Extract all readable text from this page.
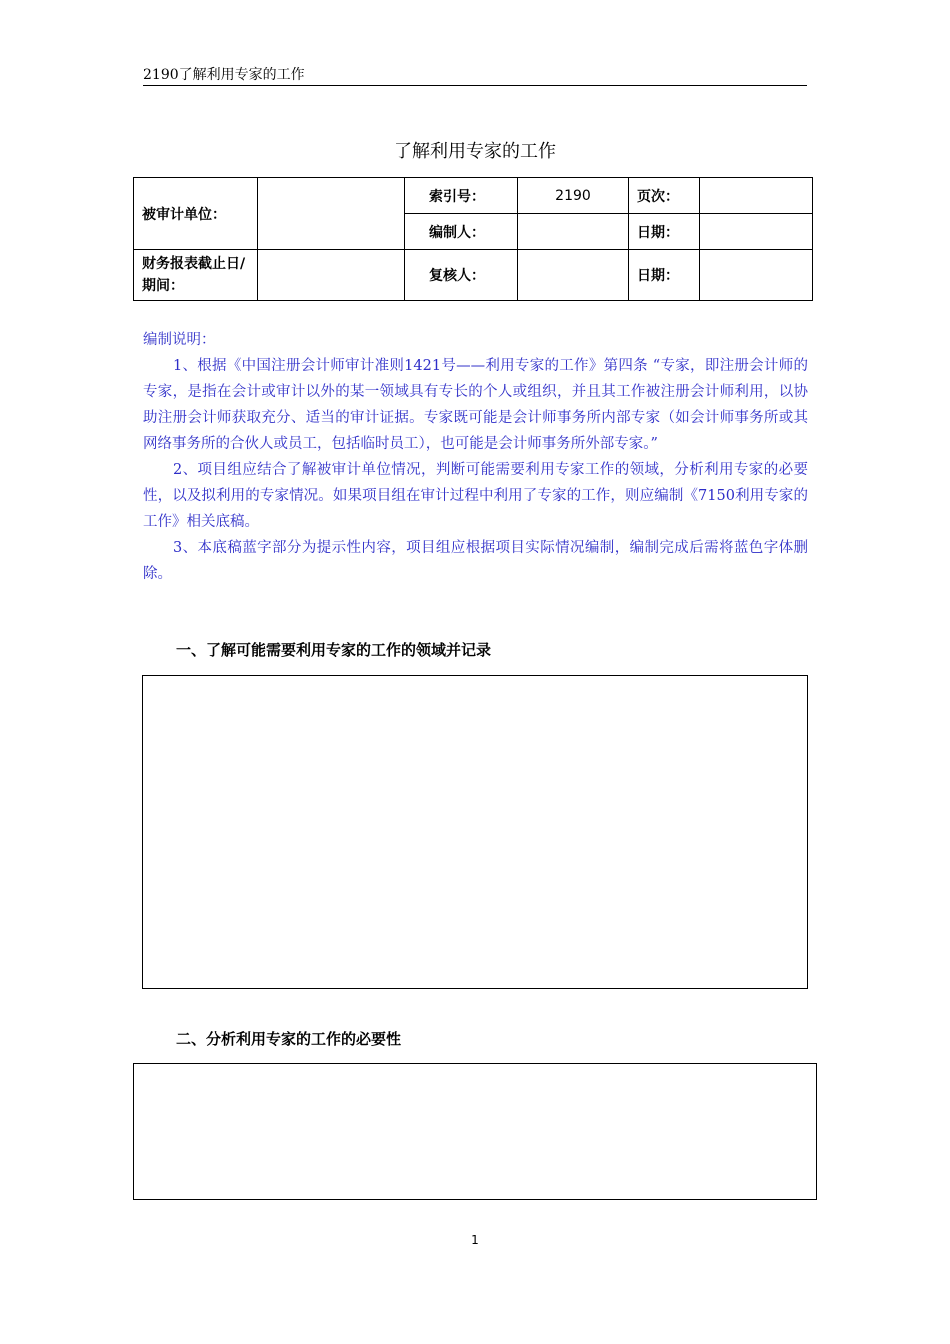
2190了解利用专家的工作
了解利用专家的工作
被审计单位：		索引号：	2190	页次：	
		编制人：		日期：	
财务报表截止日/期间：		复核人：		日期：	

编制说明：

1、根据《中国注册会计师审计准则1421号——利用专家的工作》第四条 “专家，即注册会计师的专家，是指在会计或审计以外的某一领域具有专长的个人或组织，并且其工作被注册会计师利用，以协助注册会计师获取充分、适当的审计证据。专家既可能是会计师事务所内部专家（如会计师事务所或其网络事务所的合伙人或员工，包括临时员工），也可能是会计师事务所外部专家。”

2、项目组应结合了解被审计单位情况，判断可能需要利用专家工作的领域，分析利用专家的必要性，以及拟利用的专家情况。如果项目组在审计过程中利用了专家的工作，则应编制《7150利用专家的工作》相关底稿。

3、本底稿蓝字部分为提示性内容，项目组应根据项目实际情况编制，编制完成后需将蓝色字体删除。

一、了解可能需要利用专家的工作的领域并记录
二、分析利用专家的工作的必要性
1
